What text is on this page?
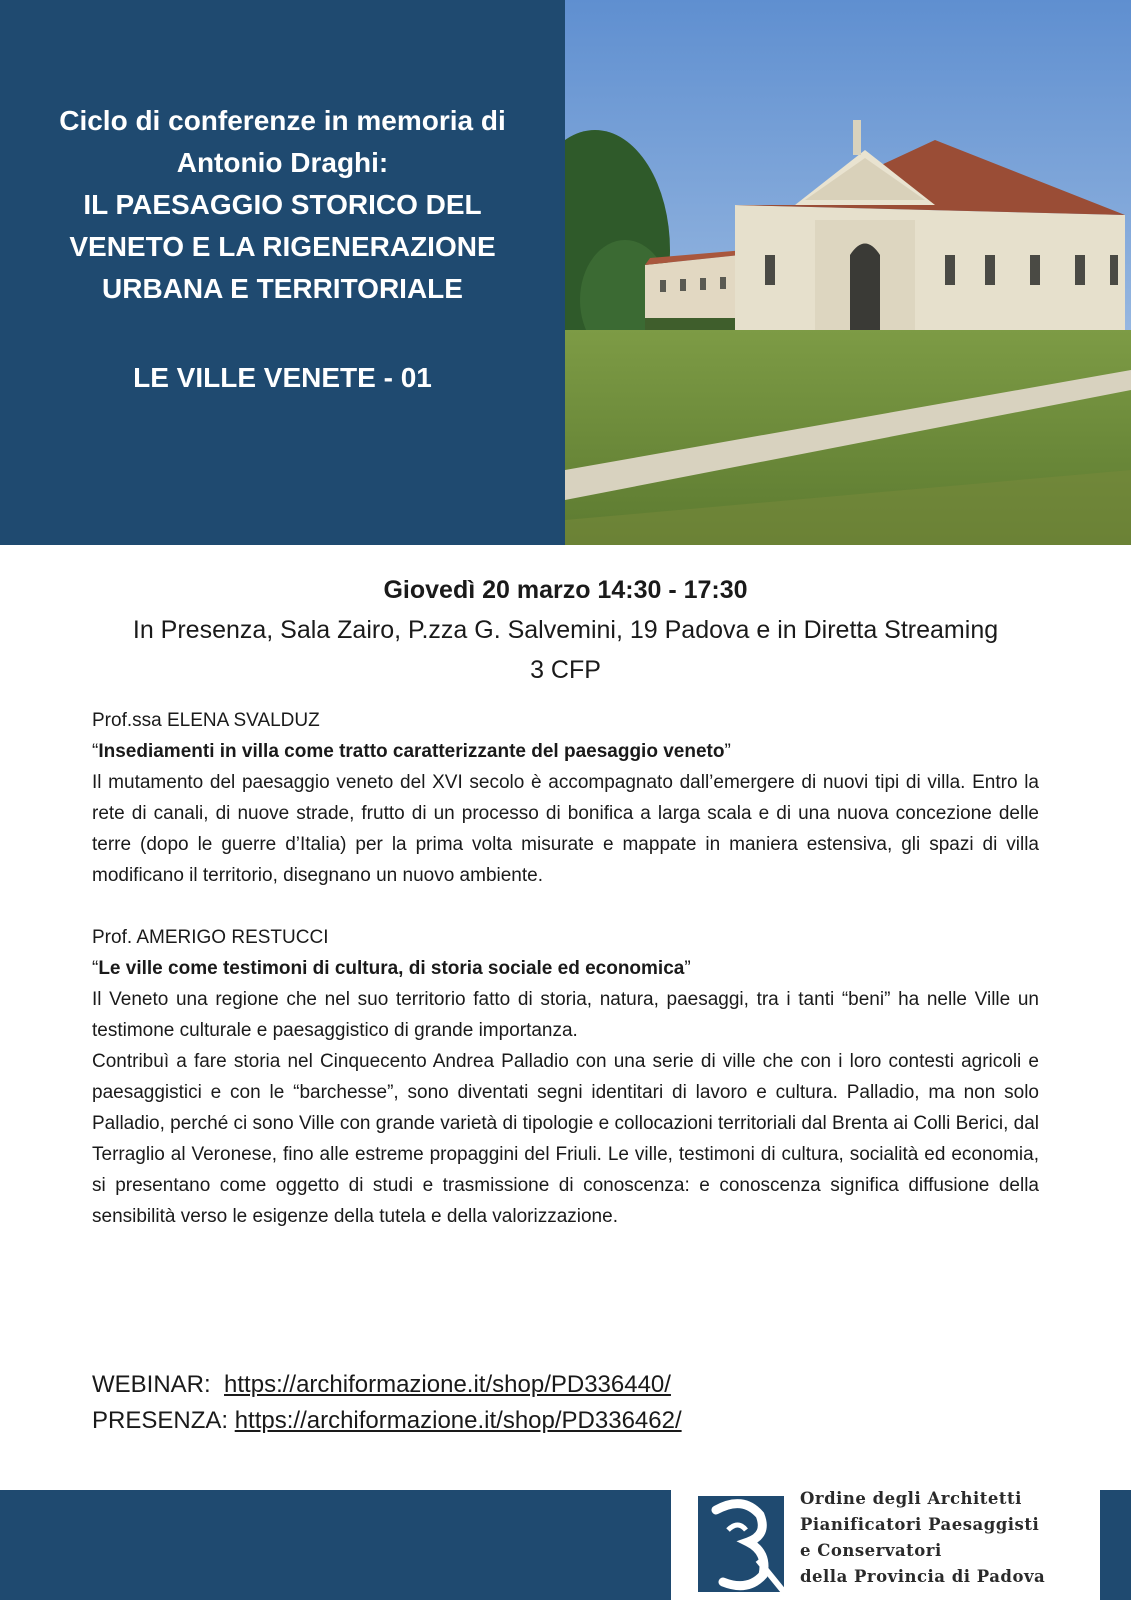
Ciclo di conferenze in memoria di
Antonio Draghi:
IL PAESAGGIO STORICO DEL
VENETO E LA RIGENERAZIONE
URBANA E TERRITORIALE
LE VILLE VENETE - 01
Giovedì 20 marzo 14:30 - 17:30
In Presenza, Sala Zairo, P.zza G. Salvemini, 19 Padova e in Diretta Streaming
3 CFP

Prof.ssa ELENA SVALDUZ

“Insediamenti in villa come tratto caratterizzante del paesaggio veneto”

Il mutamento del paesaggio veneto del XVI secolo è accompagnato dall’emergere di nuovi tipi di villa. Entro la rete di canali, di nuove strade, frutto di un processo di bonifica a larga scala e di una nuova concezione delle terre (dopo le guerre d’Italia) per la prima volta misurate e mappate in maniera estensiva, gli spazi di villa modificano il territorio, disegnano un nuovo ambiente.

Prof. AMERIGO RESTUCCI

“Le ville come testimoni di cultura, di storia sociale ed economica”

Il Veneto una regione che nel suo territorio fatto di storia, natura, paesaggi, tra i tanti “beni” ha nelle Ville un testimone culturale e paesaggistico di grande importanza.

Contribuì a fare storia nel Cinquecento Andrea Palladio con una serie di ville che con i loro contesti agricoli e paesaggistici e con le “barchesse”, sono diventati segni identitari di lavoro e cultura. Palladio, ma non solo Palladio, perché ci sono Ville con grande varietà di tipologie e collocazioni territoriali dal Brenta ai Colli Berici, dal Terraglio al Veronese, fino alle estreme propaggini del Friuli. Le ville, testimoni di cultura, socialità ed economia, si presentano come oggetto di studi e trasmissione di conoscenza: e conoscenza significa diffusione della sensibilità verso le esigenze della tutela e della valorizzazione.

WEBINAR: https://archiformazione.it/shop/PD336440/
PRESENZA: https://archiformazione.it/shop/PD336462/
Ordine degli Architetti
Pianificatori Paesaggisti
e Conservatori
della Provincia di Padova
